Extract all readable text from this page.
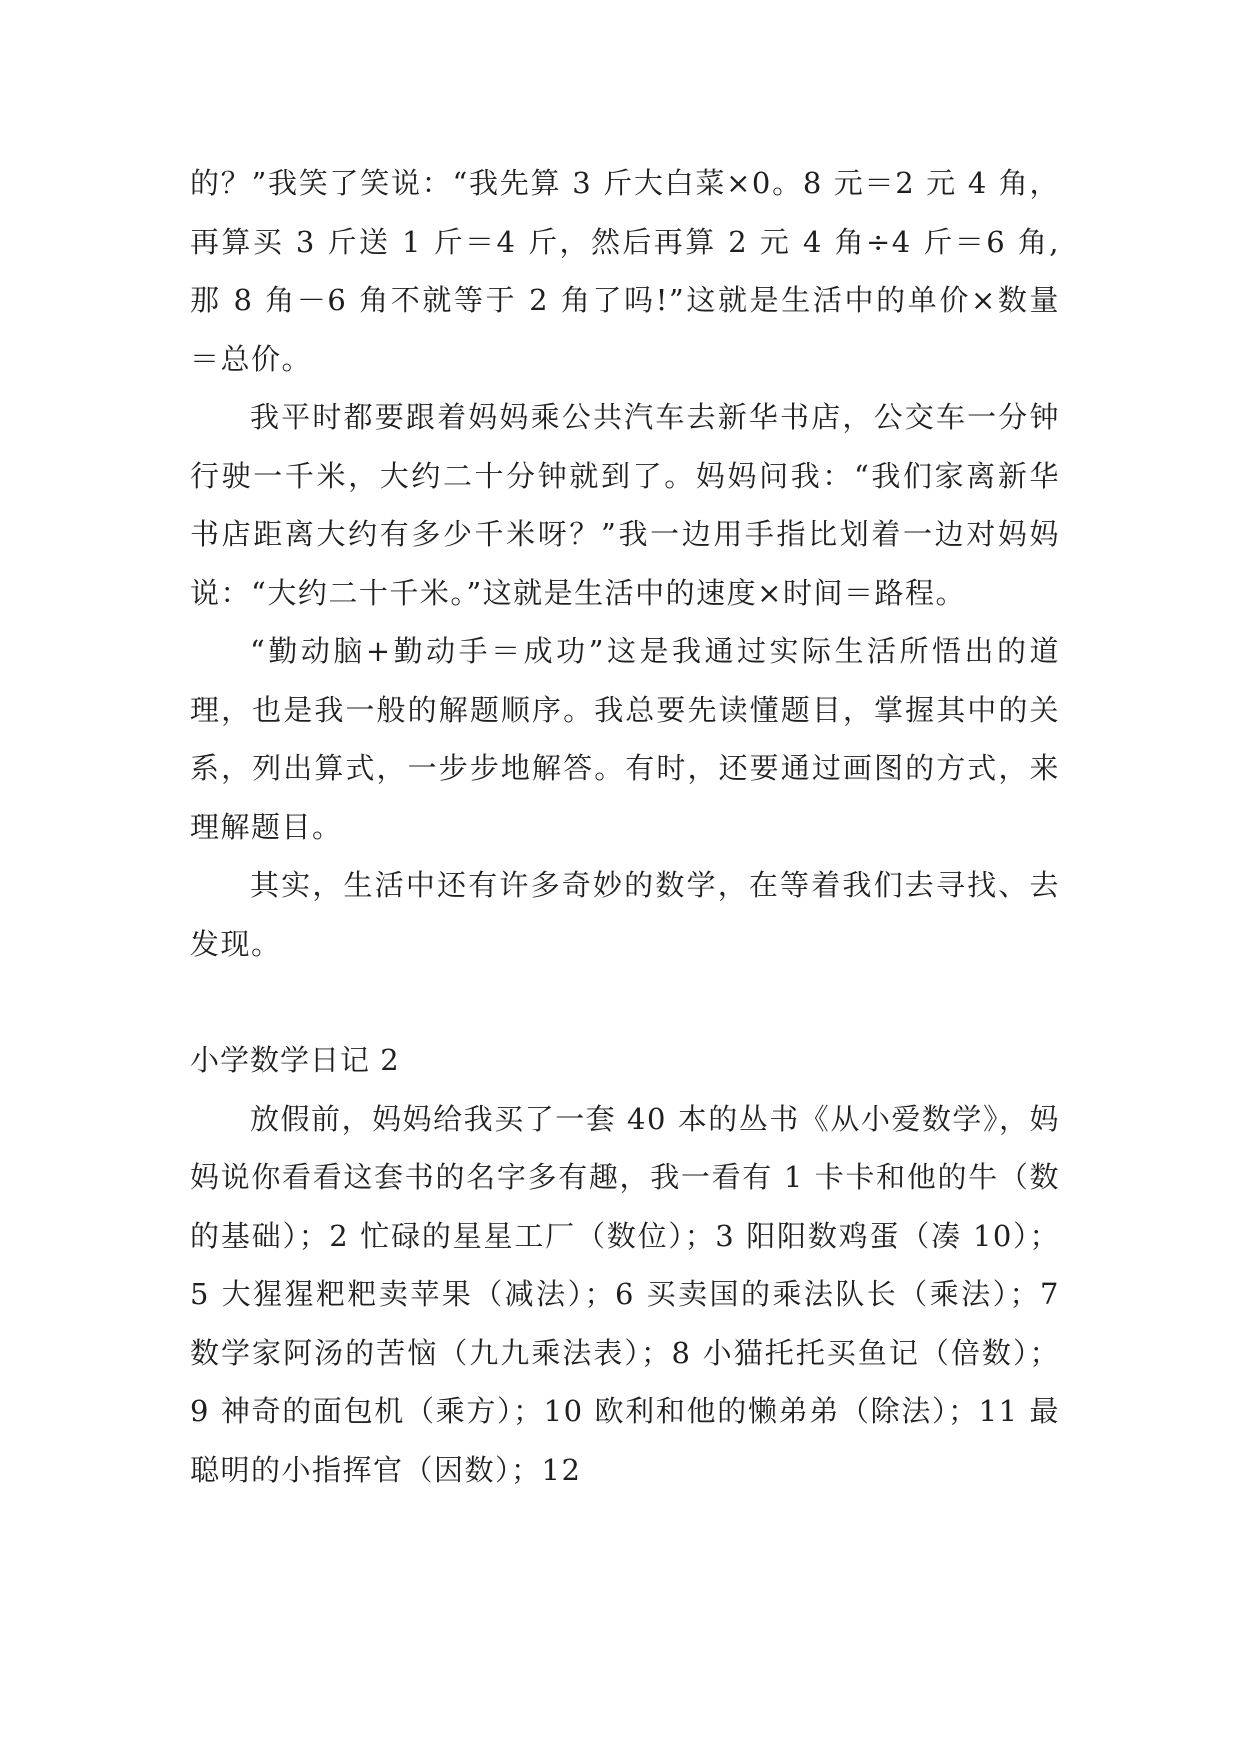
的？”我笑了笑说：“我先算 3 斤大白菜×0。8 元＝2 元 4 角，再算买 3 斤送 1 斤＝4 斤，然后再算 2 元 4 角÷4 斤＝6 角,那 8 角－6 角不就等于 2 角了吗!”这就是生活中的单价×数量＝总价。

我平时都要跟着妈妈乘公共汽车去新华书店，公交车一分钟行驶一千米，大约二十分钟就到了。妈妈问我：“我们家离新华书店距离大约有多少千米呀？”我一边用手指比划着一边对妈妈说：“大约二十千米。”这就是生活中的速度×时间＝路程。

“勤动脑+勤动手＝成功”这是我通过实际生活所悟出的道理，也是我一般的解题顺序。我总要先读懂题目，掌握其中的关系，列出算式，一步步地解答。有时，还要通过画图的方式，来理解题目。

其实，生活中还有许多奇妙的数学，在等着我们去寻找、去发现。

小学数学日记 2

放假前，妈妈给我买了一套 40 本的丛书《从小爱数学》，妈妈说你看看这套书的名字多有趣，我一看有 1 卡卡和他的牛（数的基础）；2 忙碌的星星工厂（数位）；3 阳阳数鸡蛋（凑 10）；5 大猩猩粑粑卖苹果（减法）；6 买卖国的乘法队长（乘法）；7 数学家阿汤的苦恼（九九乘法表）；8 小猫托托买鱼记（倍数）；9 神奇的面包机（乘方）；10 欧利和他的懒弟弟（除法）；11 最聪明的小指挥官（因数）；12
